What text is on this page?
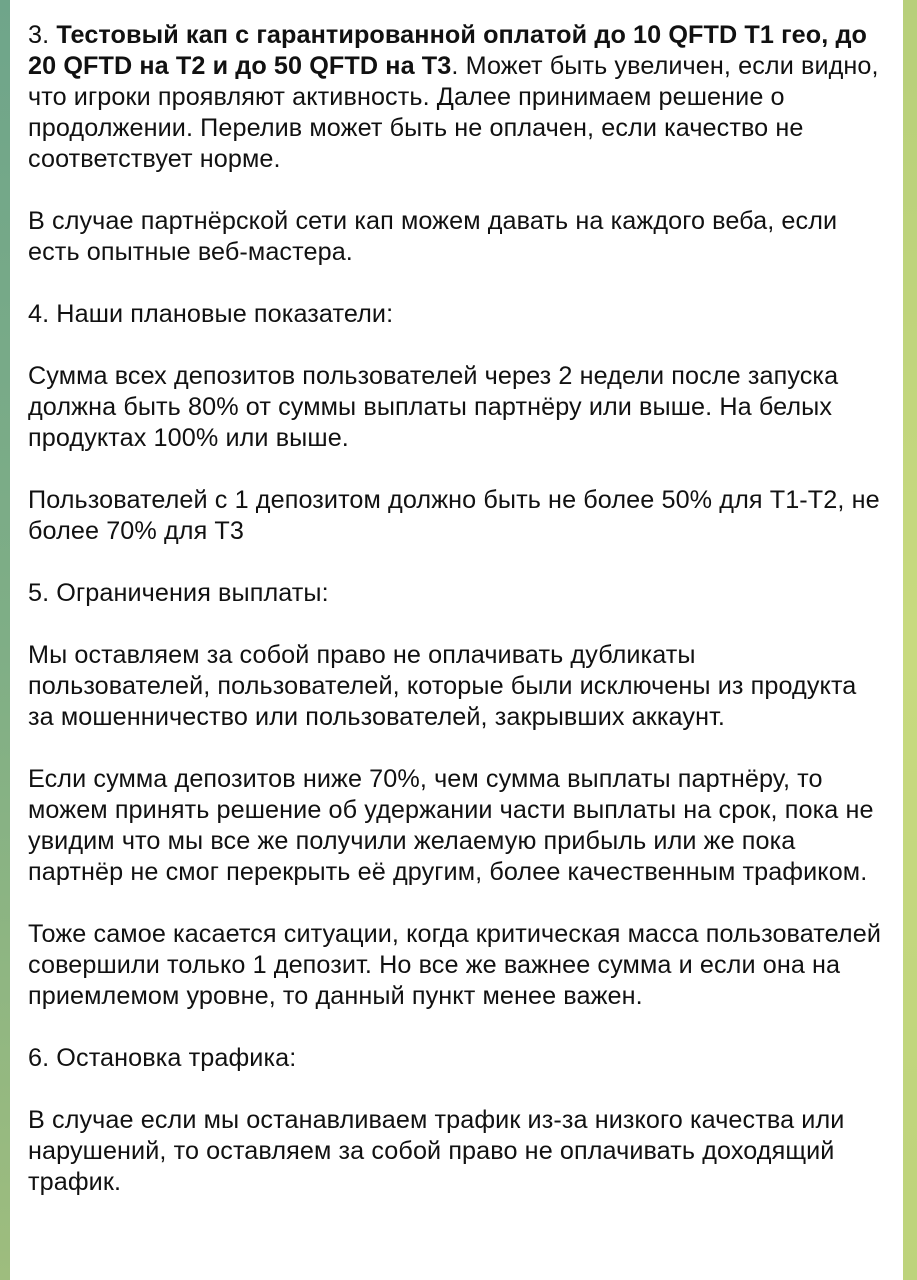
3. Тестовый кап с гарантированной оплатой до 10 QFTD T1 гео, до 20 QFTD на T2 и до 50 QFTD на T3. Может быть увеличен, если видно, что игроки проявляют активность. Далее принимаем решение о продолжении. Перелив может быть не оплачен, если качество не соответствует норме.

В случае партнёрской сети кап можем давать на каждого веба, если есть опытные веб-мастера.

4. Наши плановые показатели:

Сумма всех депозитов пользователей через 2 недели после запуска должна быть 80% от суммы выплаты партнёру или выше. На белых продуктах 100% или выше.

Пользователей с 1 депозитом должно быть не более 50% для T1-T2, не более 70% для T3

5. Ограничения выплаты:

Мы оставляем за собой право не оплачивать дубликаты пользователей, пользователей, которые были исключены из продукта за мошенничество или пользователей, закрывших аккаунт.

Если сумма депозитов ниже 70%, чем сумма выплаты партнёру, то можем принять решение об удержании части выплаты на срок, пока не увидим что мы все же получили желаемую прибыль или же пока партнёр не смог перекрыть её другим, более качественным трафиком.

Тоже самое касается ситуации, когда критическая масса пользователей совершили только 1 депозит. Но все же важнее сумма и если она на приемлемом уровне, то данный пункт менее важен.

6. Остановка трафика:

В случае если мы останавливаем трафик из-за низкого качества или нарушений, то оставляем за собой право не оплачивать доходящий трафик.
